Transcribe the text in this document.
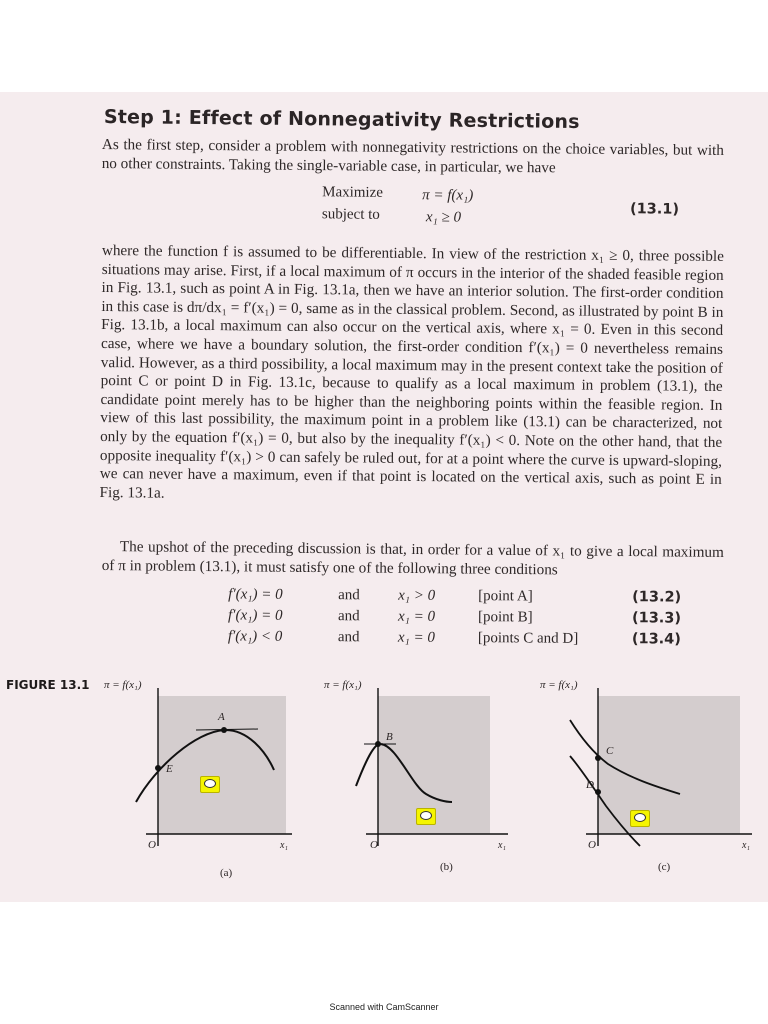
Step 1: Effect of Nonnegativity Restrictions

As the first step, consider a problem with nonnegativity restrictions on the choice variables, but with no other constraints. Taking the single-variable case, in particular, we have

Maximize	π = f(x₁)
subject to	x₁ ≥ 0	(13.1)

where the function f is assumed to be differentiable. In view of the restriction x₁ ≥ 0, three possible situations may arise. First, if a local maximum of π occurs in the interior of the shaded feasible region in Fig. 13.1, such as point A in Fig. 13.1a, then we have an interior solution. The first-order condition in this case is dπ/dx₁ = f′(x₁) = 0, same as in the classical problem. Second, as illustrated by point B in Fig. 13.1b, a local maximum can also occur on the vertical axis, where x₁ = 0. Even in this second case, where we have a boundary solution, the first-order condition f′(x₁) = 0 nevertheless remains valid. However, as a third possibility, a local maximum may in the present context take the position of point C or point D in Fig. 13.1c, because to qualify as a local maximum in problem (13.1), the candidate point merely has to be higher than the neighboring points within the feasible region. In view of this last possibility, the maximum point in a problem like (13.1) can be characterized, not only by the equation f′(x₁) = 0, but also by the inequality f′(x₁) < 0. Note on the other hand, that the opposite inequality f′(x₁) > 0 can safely be ruled out, for at a point where the curve is upward-sloping, we can never have a maximum, even if that point is located on the vertical axis, such as point E in Fig. 13.1a.

The upshot of the preceding discussion is that, in order for a value of x₁ to give a local maximum of π in problem (13.1), it must satisfy one of the following three conditions

f′(x₁) = 0	and	x₁ > 0	[point A]	(13.2)
f′(x₁) = 0	and	x₁ = 0	[point B]	(13.3)
f′(x₁) < 0	and	x₁ = 0	[points C and D]	(13.4)
FIGURE 13.1 π = f(x₁)
A
E
O	x₁
(a)
π = f(x₁)
B
O	x₁
(b)
π = f(x₁)
C
D
O	x₁
(c)
Scanned with CamScanner
